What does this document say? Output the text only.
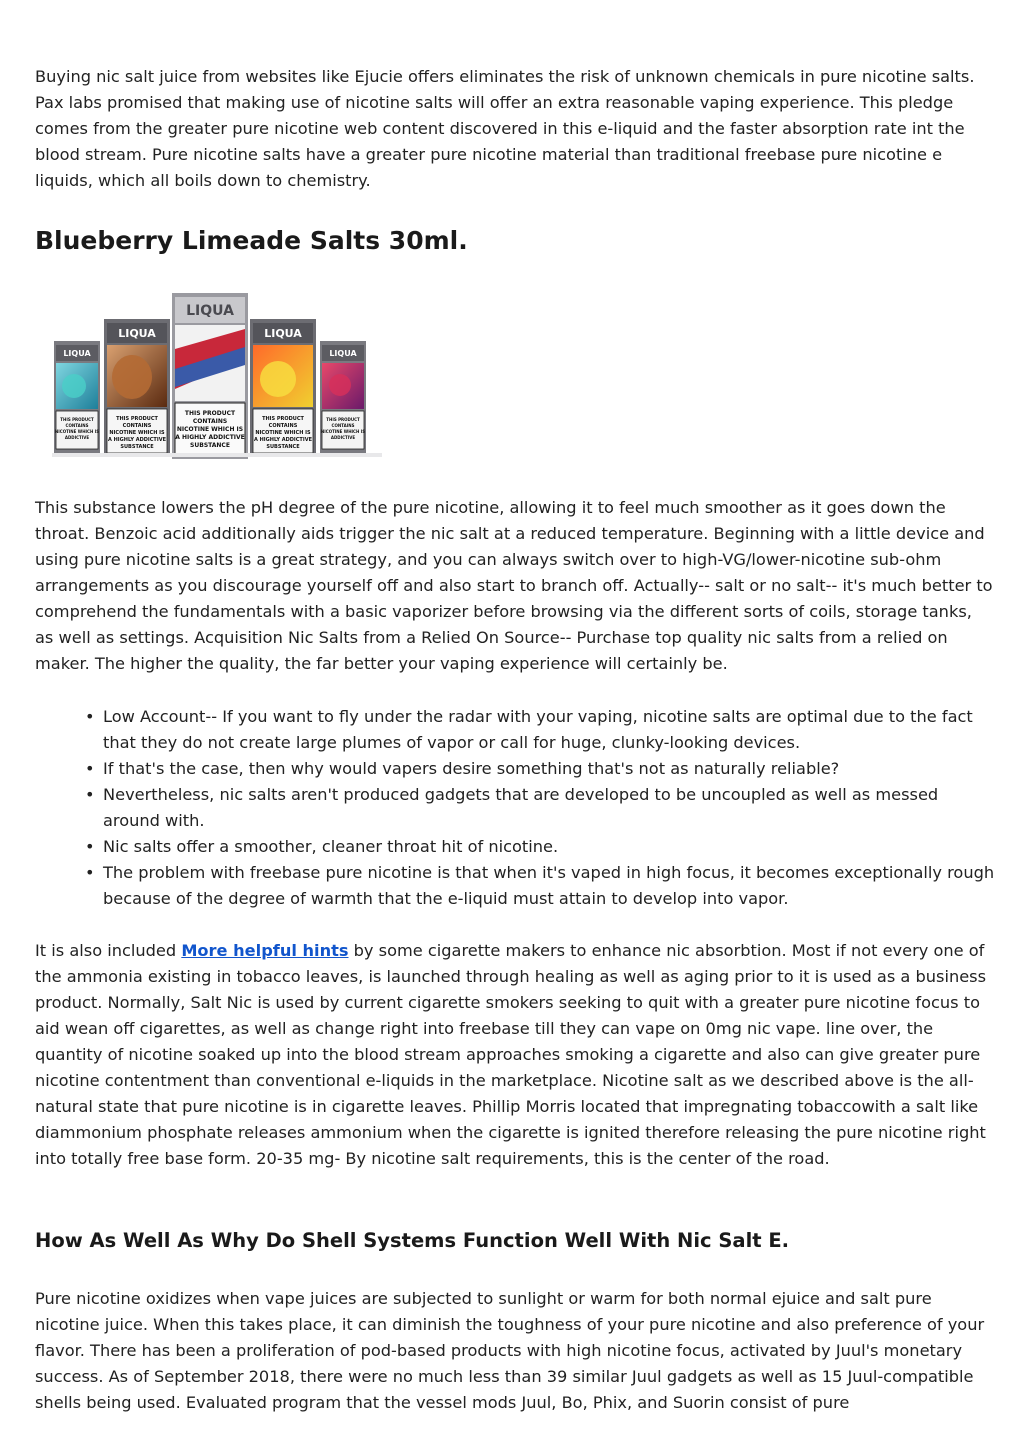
Buying nic salt juice from websites like Ejucie offers eliminates the risk of unknown chemicals in pure nicotine salts. Pax labs promised that making use of nicotine salts will offer an extra reasonable vaping experience. This pledge comes from the greater pure nicotine web content discovered in this e-liquid and the faster absorption rate int the blood stream. Pure nicotine salts have a greater pure nicotine material than traditional freebase pure nicotine e liquids, which all boils down to chemistry.

Blueberry Limeade Salts 30ml.
LIQUA
THIS PRODUCT
CONTAINS
NICOTINE WHICH IS
ADDICTIVE
LIQUA
THIS PRODUCT
CONTAINS
NICOTINE WHICH IS
A HIGHLY ADDICTIVE
SUBSTANCE
LIQUA
THIS PRODUCT
CONTAINS
NICOTINE WHICH IS
A HIGHLY ADDICTIVE
SUBSTANCE
LIQUA
THIS PRODUCT
CONTAINS
NICOTINE WHICH IS
A HIGHLY ADDICTIVE
SUBSTANCE
LIQUA
THIS PRODUCT
CONTAINS
NICOTINE WHICH IS
ADDICTIVE

This substance lowers the pH degree of the pure nicotine, allowing it to feel much smoother as it goes down the throat. Benzoic acid additionally aids trigger the nic salt at a reduced temperature. Beginning with a little device and using pure nicotine salts is a great strategy, and you can always switch over to high-VG/lower-nicotine sub-ohm arrangements as you discourage yourself off and also start to branch off. Actually-- salt or no salt-- it's much better to comprehend the fundamentals with a basic vaporizer before browsing via the different sorts of coils, storage tanks, as well as settings. Acquisition Nic Salts from a Relied On Source-- Purchase top quality nic salts from a relied on maker. The higher the quality, the far better your vaping experience will certainly be.

• Low Account-- If you want to fly under the radar with your vaping, nicotine salts are optimal due to the fact that they do not create large plumes of vapor or call for huge, clunky-looking devices.
• If that's the case, then why would vapers desire something that's not as naturally reliable?
• Nevertheless, nic salts aren't produced gadgets that are developed to be uncoupled as well as messed around with.
• Nic salts offer a smoother, cleaner throat hit of nicotine.
• The problem with freebase pure nicotine is that when it's vaped in high focus, it becomes exceptionally rough because of the degree of warmth that the e-liquid must attain to develop into vapor.

It is also included More helpful hints by some cigarette makers to enhance nic absorbtion. Most if not every one of the ammonia existing in tobacco leaves, is launched through healing as well as aging prior to it is used as a business product. Normally, Salt Nic is used by current cigarette smokers seeking to quit with a greater pure nicotine focus to aid wean off cigarettes, as well as change right into freebase till they can vape on 0mg nic vape. line over, the quantity of nicotine soaked up into the blood stream approaches smoking a cigarette and also can give greater pure nicotine contentment than conventional e-liquids in the marketplace. Nicotine salt as we described above is the all-natural state that pure nicotine is in cigarette leaves. Phillip Morris located that impregnating tobaccowith a salt like diammonium phosphate releases ammonium when the cigarette is ignited therefore releasing the pure nicotine right into totally free base form. 20-35 mg- By nicotine salt requirements, this is the center of the road.

How As Well As Why Do Shell Systems Function Well With Nic Salt E.

Pure nicotine oxidizes when vape juices are subjected to sunlight or warm for both normal ejuice and salt pure nicotine juice. When this takes place, it can diminish the toughness of your pure nicotine and also preference of your flavor. There has been a proliferation of pod-based products with high nicotine focus, activated by Juul's monetary success. As of September 2018, there were no much less than 39 similar Juul gadgets as well as 15 Juul-compatible shells being used. Evaluated program that the vessel mods Juul, Bo, Phix, and Suorin consist of pure
